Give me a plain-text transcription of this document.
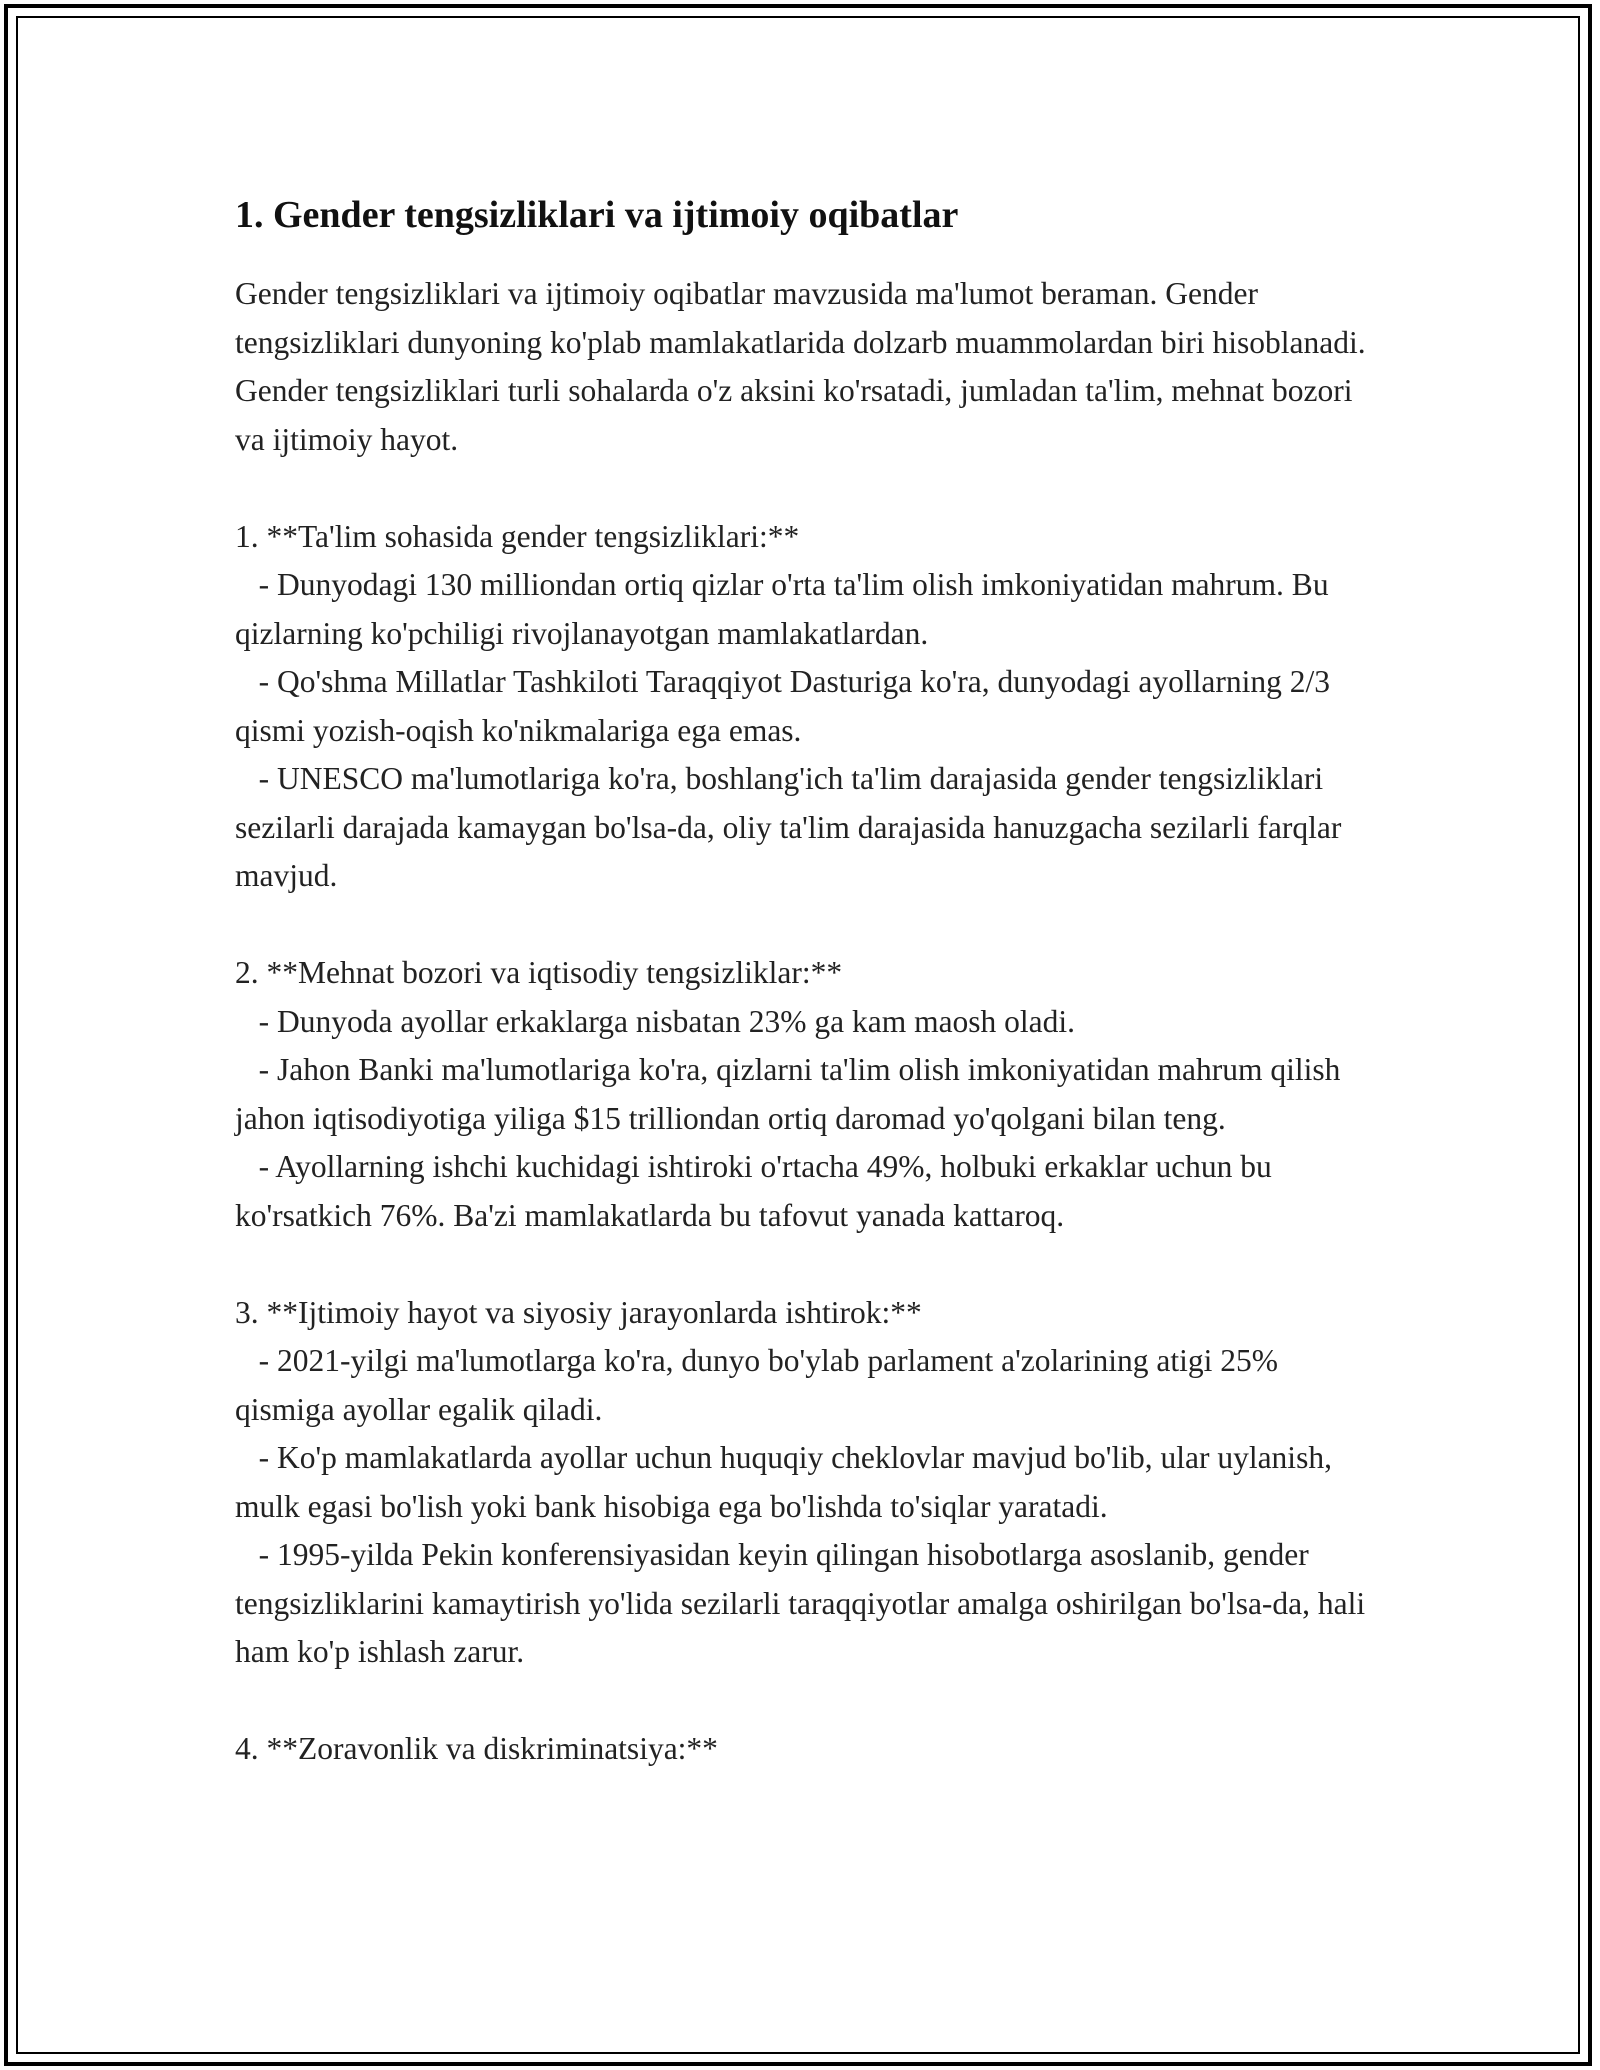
1. Gender tengsizliklari va ijtimoiy oqibatlar

Gender tengsizliklari va ijtimoiy oqibatlar mavzusida ma'lumot beraman. Gender tengsizliklari dunyoning ko'plab mamlakatlarida dolzarb muammolardan biri hisoblanadi. Gender tengsizliklari turli sohalarda o'z aksini ko'rsatadi, jumladan ta'lim, mehnat bozori va ijtimoiy hayot.

1. **Ta'lim sohasida gender tengsizliklari:**

- Dunyodagi 130 milliondan ortiq qizlar o'rta ta'lim olish imkoniyatidan mahrum. Bu qizlarning ko'pchiligi rivojlanayotgan mamlakatlardan.

- Qo'shma Millatlar Tashkiloti Taraqqiyot Dasturiga ko'ra, dunyodagi ayollarning 2/3 qismi yozish-oqish ko'nikmalariga ega emas.

- UNESCO ma'lumotlariga ko'ra, boshlang'ich ta'lim darajasida gender tengsizliklari sezilarli darajada kamaygan bo'lsa-da, oliy ta'lim darajasida hanuzgacha sezilarli farqlar mavjud.

2. **Mehnat bozori va iqtisodiy tengsizliklar:**

- Dunyoda ayollar erkaklarga nisbatan 23% ga kam maosh oladi.

- Jahon Banki ma'lumotlariga ko'ra, qizlarni ta'lim olish imkoniyatidan mahrum qilish jahon iqtisodiyotiga yiliga $15 trilliondan ortiq daromad yo'qolgani bilan teng.

- Ayollarning ishchi kuchidagi ishtiroki o'rtacha 49%, holbuki erkaklar uchun bu ko'rsatkich 76%. Ba'zi mamlakatlarda bu tafovut yanada kattaroq.

3. **Ijtimoiy hayot va siyosiy jarayonlarda ishtirok:**

- 2021-yilgi ma'lumotlarga ko'ra, dunyo bo'ylab parlament a'zolarining atigi 25% qismiga ayollar egalik qiladi.

- Ko'p mamlakatlarda ayollar uchun huquqiy cheklovlar mavjud bo'lib, ular uylanish, mulk egasi bo'lish yoki bank hisobiga ega bo'lishda to'siqlar yaratadi.

- 1995-yilda Pekin konferensiyasidan keyin qilingan hisobotlarga asoslanib, gender tengsizliklarini kamaytirish yo'lida sezilarli taraqqiyotlar amalga oshirilgan bo'lsa-da, hali ham ko'p ishlash zarur.

4. **Zoravonlik va diskriminatsiya:**
